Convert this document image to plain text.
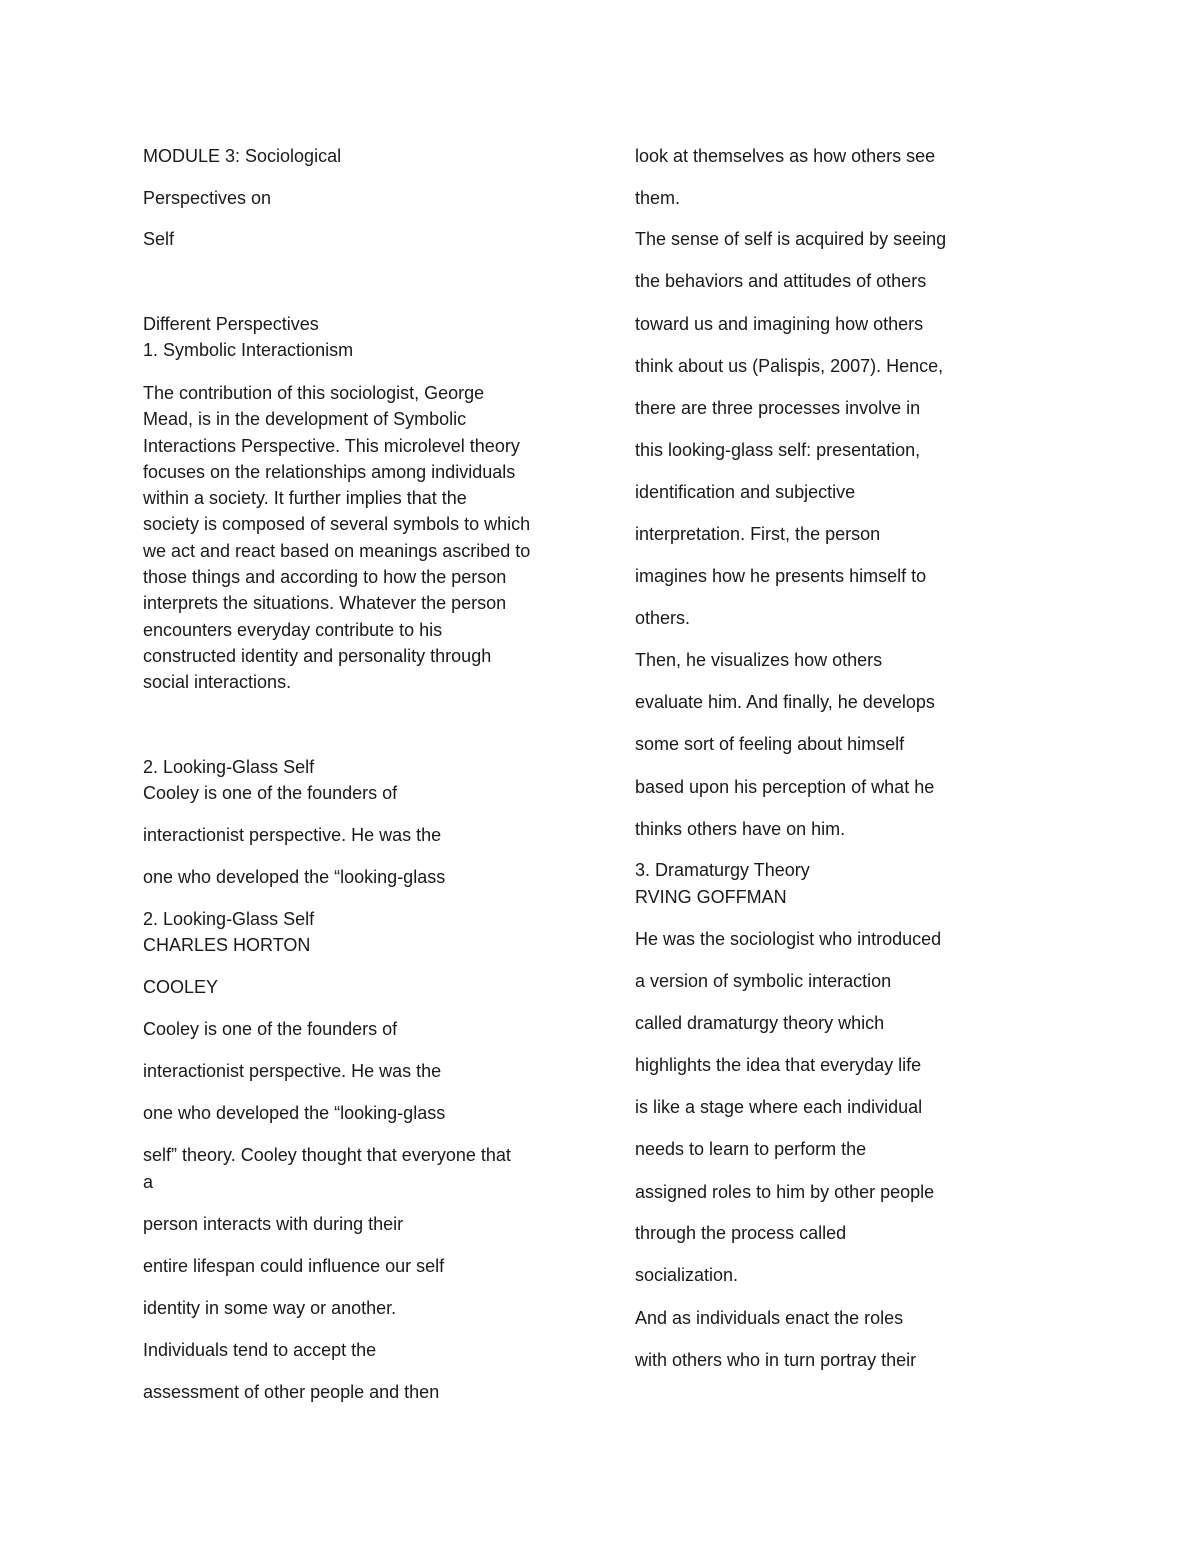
MODULE 3: Sociological
Perspectives on
Self
Different Perspectives
1. Symbolic Interactionism
The contribution of this sociologist, George
Mead, is in the development of Symbolic
Interactions Perspective. This microlevel theory
focuses on the relationships among individuals
within a society. It further implies that the
society is composed of several symbols to which
we act and react based on meanings ascribed to
those things and according to how the person
interprets the situations. Whatever the person
encounters everyday contribute to his
constructed identity and personality through
social interactions.
2. Looking-Glass Self
Cooley is one of the founders of
interactionist perspective. He was the
one who developed the “looking-glass
2. Looking-Glass Self
CHARLES HORTON
COOLEY
Cooley is one of the founders of
interactionist perspective. He was the
one who developed the “looking-glass
self” theory. Cooley thought that everyone that
a
person interacts with during their
entire lifespan could influence our self
identity in some way or another.
Individuals tend to accept the
assessment of other people and then
look at themselves as how others see
them.
The sense of self is acquired by seeing
the behaviors and attitudes of others
toward us and imagining how others
think about us (Palispis, 2007). Hence,
there are three processes involve in
this looking-glass self: presentation,
identification and subjective
interpretation. First, the person
imagines how he presents himself to
others.
Then, he visualizes how others
evaluate him. And finally, he develops
some sort of feeling about himself
based upon his perception of what he
thinks others have on him.
3. Dramaturgy Theory
RVING GOFFMAN
He was the sociologist who introduced
a version of symbolic interaction
called dramaturgy theory which
highlights the idea that everyday life
is like a stage where each individual
needs to learn to perform the
assigned roles to him by other people
through the process called
socialization.
And as individuals enact the roles
with others who in turn portray their
